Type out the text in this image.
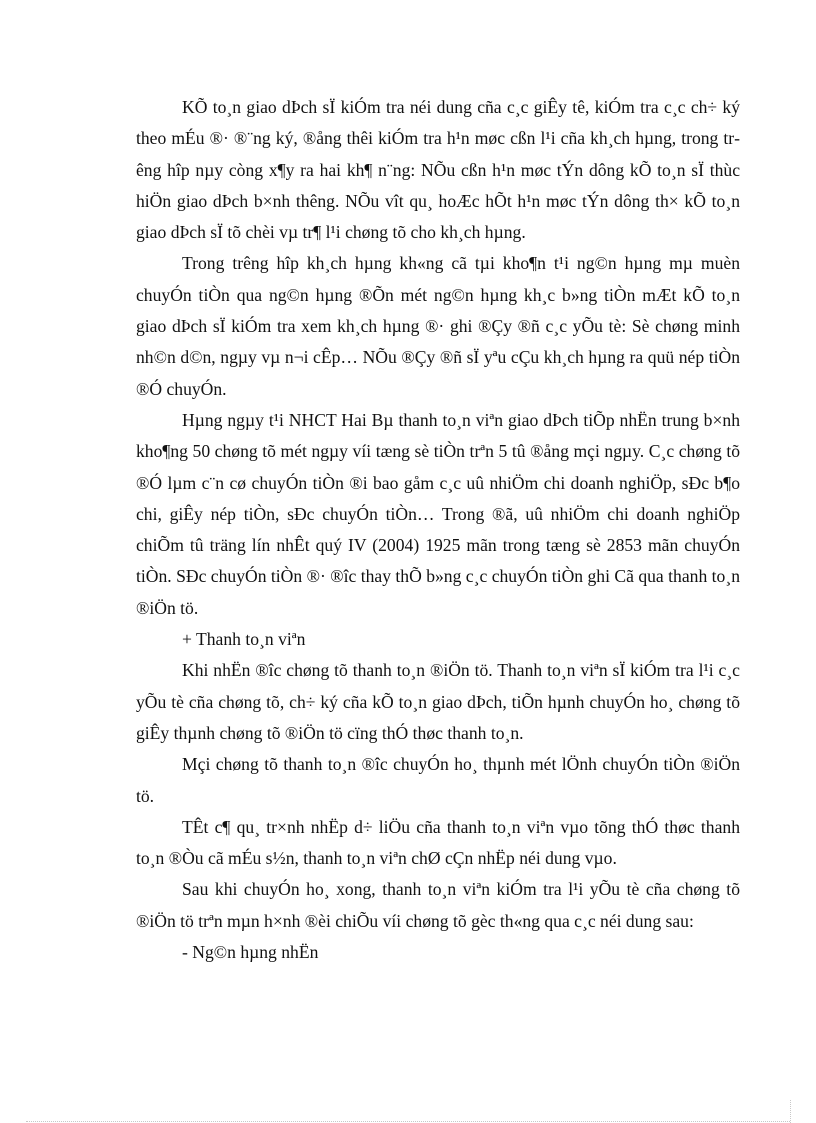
KÕ to¸n giao dÞch sÏ kiÓm tra néi dung cña c¸c giÊy tê, kiÓm tra c¸c ch÷ ký theo mÉu ®· ®¨ng ký, ®ång thêi kiÓm tra h¹n møc cßn l¹i cña kh¸ch hµng, trong trêng hîp nµy còng x¶y ra hai kh¶ n¨ng: NÕu cßn h¹n møc tÝn dông kÕ to¸n sÏ thùc hiÖn giao dÞch b×nh thêng. NÕu vît qu¸ hoÆc hÕt h¹n møc tÝn dông th× kÕ to¸n giao dÞch sÏ tõ chèi vµ tr¶ l¹i chøng tõ cho kh¸ch hµng.

Trong trêng hîp kh¸ch hµng kh«ng cã tµi kho¶n t¹i ng©n hµng mµ muèn chuyÓn tiÒn qua ng©n hµng ®Õn mét ng©n hµng kh¸c b»ng tiÒn mÆt kÕ to¸n giao dÞch sÏ kiÓm tra xem kh¸ch hµng ®· ghi ®Çy ®ñ c¸c yÕu tè: Sè chøng minh nh©n d©n, ngµy vµ n¬i cÊp… NÕu ®Çy ®ñ sÏ yªu cÇu kh¸ch hµng ra quü nép tiÒn ®Ó chuyÓn.

Hµng ngµy t¹i NHCT Hai Bµ thanh to¸n viªn giao dÞch tiÕp nhËn trung b×nh kho¶ng 50 chøng tõ mét ngµy víi tæng sè tiÒn trªn 5 tû ®ång mçi ngµy. C¸c chøng tõ ®Ó lµm c¨n cø chuyÓn tiÒn ®i bao gåm c¸c uû nhiÖm chi doanh nghiÖp, sÐc b¶o chi, giÊy nép tiÒn, sÐc chuyÓn tiÒn… Trong ®ã, uû nhiÖm chi doanh nghiÖp chiÕm tû träng lín nhÊt quý IV (2004) 1925 mãn trong tæng sè 2853 mãn chuyÓn tiÒn. SÐc chuyÓn tiÒn ®· ®îc thay thÕ b»ng c¸c chuyÓn tiÒn ghi Cã qua thanh to¸n ®iÖn tö.

+ Thanh to¸n viªn

Khi nhËn ®îc chøng tõ thanh to¸n ®iÖn tö. Thanh to¸n viªn sÏ kiÓm tra l¹i c¸c yÕu tè cña chøng tõ, ch÷ ký cña kÕ to¸n giao dÞch, tiÕn hµnh chuyÓn ho¸ chøng tõ giÊy thµnh chøng tõ ®iÖn tö cïng thÓ thøc thanh to¸n.

Mçi chøng tõ thanh to¸n ®îc chuyÓn ho¸ thµnh mét lÖnh chuyÓn tiÒn ®iÖn tö.

TÊt c¶ qu¸ tr×nh nhËp d÷ liÖu cña thanh to¸n viªn vµo tõng thÓ thøc thanh to¸n ®Òu cã mÉu s½n, thanh to¸n viªn chØ cÇn nhËp néi dung vµo.

Sau khi chuyÓn ho¸ xong, thanh to¸n viªn kiÓm tra l¹i yÕu tè cña chøng tõ ®iÖn tö trªn mµn h×nh ®èi chiÕu víi chøng tõ gèc th«ng qua c¸c néi dung sau:

- Ng©n hµng nhËn
